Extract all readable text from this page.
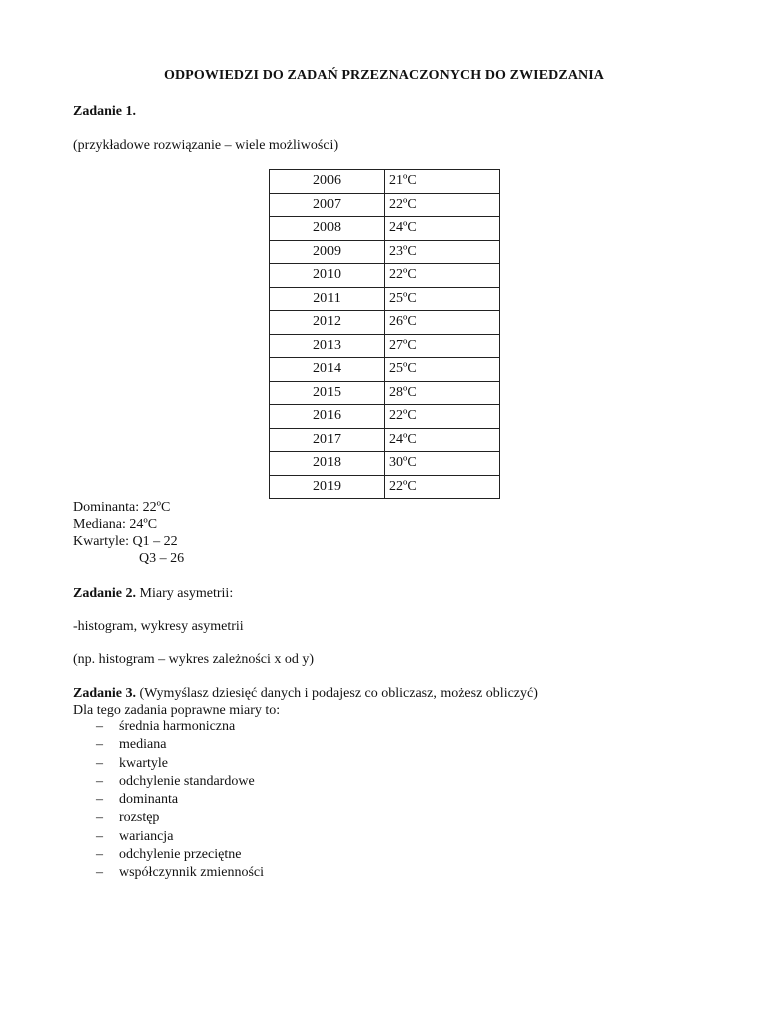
ODPOWIEDZI DO ZADAŃ PRZEZNACZONYCH DO ZWIEDZANIA
Zadanie 1.
(przykładowe rozwiązanie – wiele możliwości)
2006	21ºC
2007	22ºC
2008	24ºC
2009	23ºC
2010	22ºC
2011	25ºC
2012	26ºC
2013	27ºC
2014	25ºC
2015	28ºC
2016	22ºC
2017	24ºC
2018	30ºC
2019	22ºC
Dominanta: 22ºC
Mediana: 24ºC
Kwartyle: Q1 – 22
Q3 – 26
Zadanie 2. Miary asymetrii:
-histogram, wykresy asymetrii
(np. histogram – wykres zależności x od y)
Zadanie 3. (Wymyślasz dziesięć danych i podajesz co obliczasz, możesz obliczyć)
Dla tego zadania poprawne miary to:
– średnia harmoniczna
– mediana
– kwartyle
– odchylenie standardowe
– dominanta
– rozstęp
– wariancja
– odchylenie przeciętne
– współczynnik zmienności
